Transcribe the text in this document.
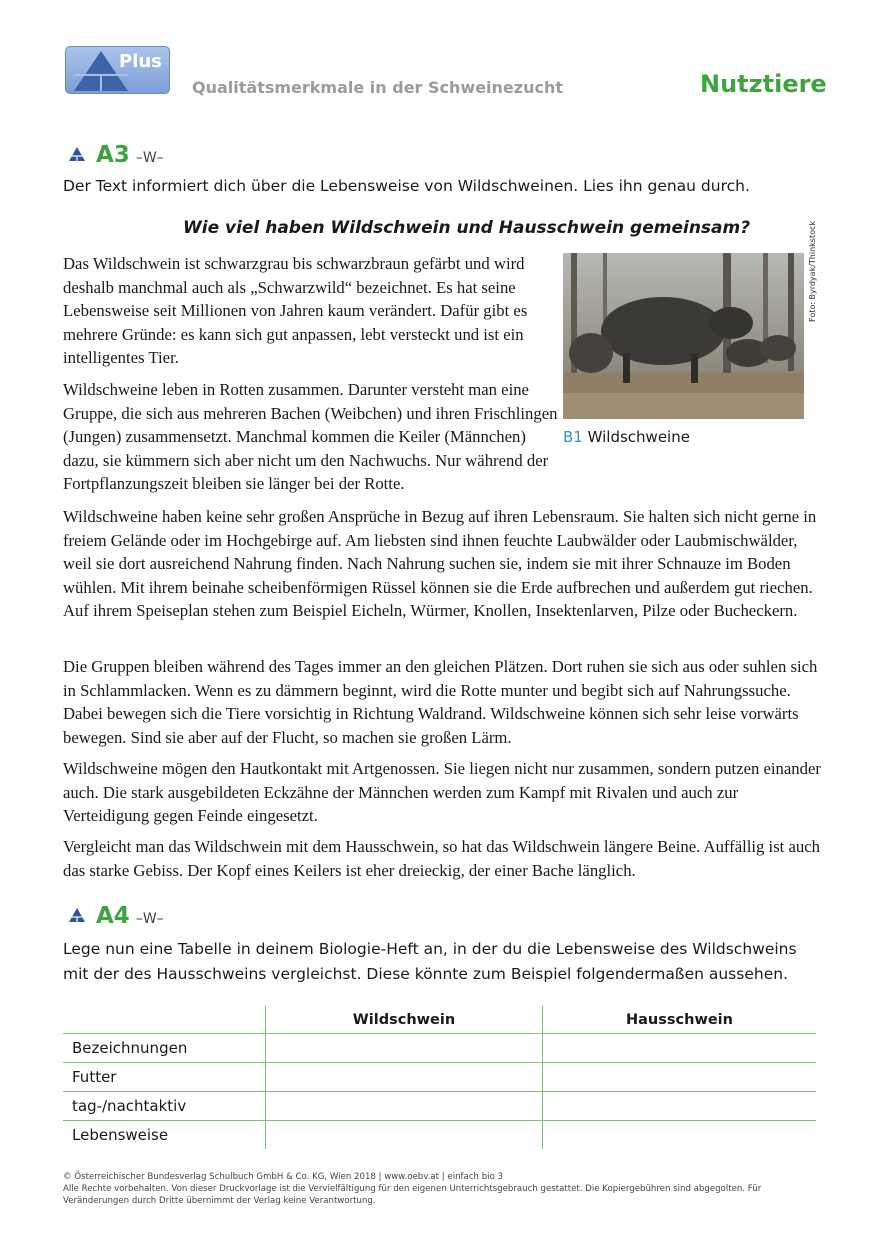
Plus
Qualitätsmerkmale in der Schweinezucht	Nutztiere
A3 –W–
Der Text informiert dich über die Lebensweise von Wildschweinen. Lies ihn genau durch.
Wie viel haben Wildschwein und Hausschwein gemeinsam?

Das Wildschwein ist schwarzgrau bis schwarzbraun gefärbt und wird deshalb manchmal auch als „Schwarzwild“ bezeichnet. Es hat seine Lebensweise seit Millionen von Jahren kaum verändert. Dafür gibt es mehrere Gründe: es kann sich gut anpassen, lebt versteckt und ist ein intelligentes Tier.

Wildschweine leben in Rotten zusammen. Darunter versteht man eine Gruppe, die sich aus mehreren Bachen (Weibchen) und ihren Frischlingen (Jungen) zusammensetzt. Manchmal kommen die Keiler (Männchen) dazu, sie kümmern sich aber nicht um den Nachwuchs. Nur während der Fortpflanzungszeit bleiben sie länger bei der Rotte.

Foto: Byrdyak/Thinkstock
B1 Wildschweine

Wildschweine haben keine sehr großen Ansprüche in Bezug auf ihren Lebensraum. Sie halten sich nicht gerne in freiem Gelände oder im Hochgebirge auf. Am liebsten sind ihnen feuchte Laubwälder oder Laubmischwälder, weil sie dort ausreichend Nahrung finden. Nach Nahrung suchen sie, indem sie mit ihrer Schnauze im Boden wühlen. Mit ihrem beinahe scheibenförmigen Rüssel können sie die Erde aufbrechen und außerdem gut riechen. Auf ihrem Speiseplan stehen zum Beispiel Eicheln, Würmer, Knollen, Insektenlarven, Pilze oder Bucheckern.

Die Gruppen bleiben während des Tages immer an den gleichen Plätzen. Dort ruhen sie sich aus oder suhlen sich in Schlammlacken. Wenn es zu dämmern beginnt, wird die Rotte munter und begibt sich auf Nahrungssuche. Dabei bewegen sich die Tiere vorsichtig in Richtung Waldrand. Wildschweine können sich sehr leise vorwärts bewegen. Sind sie aber auf der Flucht, so machen sie großen Lärm.

Wildschweine mögen den Hautkontakt mit Artgenossen. Sie liegen nicht nur zusammen, sondern putzen einander auch. Die stark ausgebildeten Eckzähne der Männchen werden zum Kampf mit Rivalen und auch zur Verteidigung gegen Feinde eingesetzt.

Vergleicht man das Wildschwein mit dem Hausschwein, so hat das Wildschwein längere Beine. Auffällig ist auch das starke Gebiss. Der Kopf eines Keilers ist eher dreieckig, der einer Bache länglich.

A4 –W–
Lege nun eine Tabelle in deinem Biologie-Heft an, in der du die Lebensweise des Wildschweins mit der des Hausschweins vergleichst. Diese könnte zum Beispiel folgendermaßen aussehen.
	Wildschwein	Hausschwein
Bezeichnungen		
Futter		
tag-/nachtaktiv		
Lebensweise		
© Österreichischer Bundesverlag Schulbuch GmbH & Co. KG, Wien 2018 | www.oebv.at | einfach bio 3
Alle Rechte vorbehalten. Von dieser Druckvorlage ist die Vervielfältigung für den eigenen Unterrichtsgebrauch gestattet. Die Kopiergebühren sind abgegolten. Für Veränderungen durch Dritte übernimmt der Verlag keine Verantwortung.
